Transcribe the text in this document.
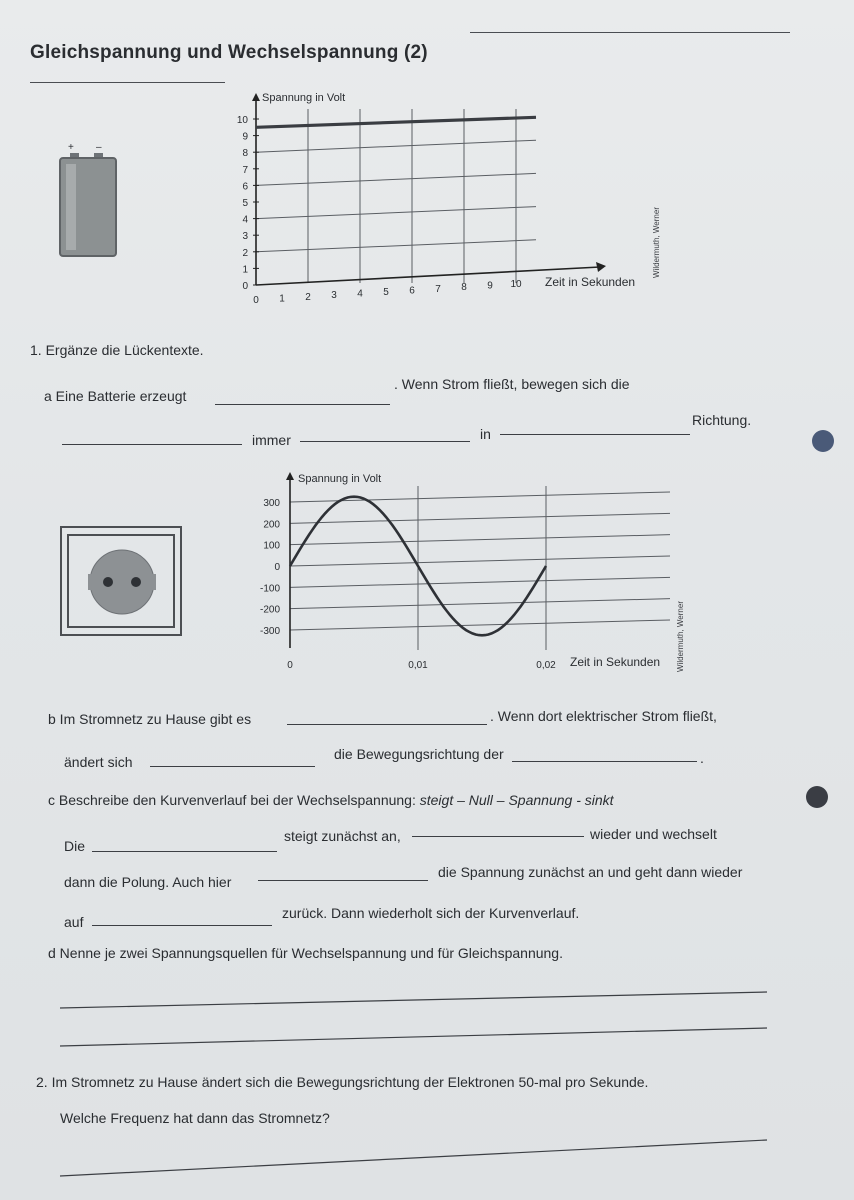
Gleichspannung und Wechselspannung (2)
+ –
10
9
8
7
6
5
4
3
2
1
0
0 1 2 3 4 5 6 7 8 9 10
Spannung in Volt
Zeit in Sekunden
Wildermuth, Werner
1. Ergänze die Lückentexte.
a Eine Batterie erzeugt
. Wenn Strom fließt, bewegen sich die
immer	in
Richtung.
300
200
100
0
-100
-200
-300
0	0,01	0,02
Spannung in Volt
Zeit in Sekunden Wildermuth, Werner
b Im Stromnetz zu Hause gibt es	. Wenn dort elektrischer Strom fließt,
ändert sich	die Bewegungsrichtung der	.
c Beschreibe den Kurvenverlauf bei der Wechselspannung: steigt – Null – Spannung - sinkt
Die
steigt zunächst an,	wieder und wechselt
dann die Polung. Auch hier
die Spannung zunächst an und geht dann wieder
auf
zurück. Dann wiederholt sich der Kurvenverlauf.
d Nenne je zwei Spannungsquellen für Wechselspannung und für Gleichspannung.
2. Im Stromnetz zu Hause ändert sich die Bewegungsrichtung der Elektronen 50-mal pro Sekunde.
Welche Frequenz hat dann das Stromnetz?
